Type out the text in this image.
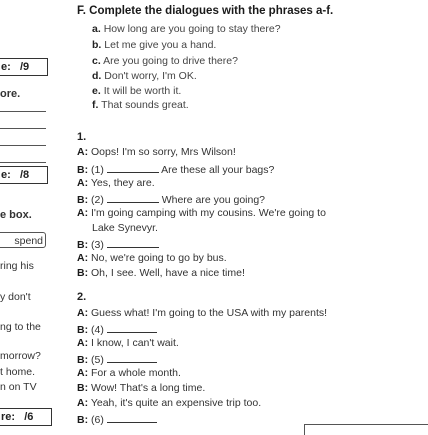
e:   /9
ore.
e:   /8
e box.
spend
ring his
y don't
ng to the
morrow?
t home.
n on TV
re:   /6
F. Complete the dialogues with the phrases a-f.
a. How long are you going to stay there?
b. Let me give you a hand.
c. Are you going to drive there?
d. Don't worry, I'm OK.
e. It will be worth it.
f. That sounds great.
1.
A: Oops! I'm so sorry, Mrs Wilson!
B: (1)	Are these all your bags?
A: Yes, they are.
B: (2)	Where are you going?
A: I'm going camping with my cousins. We're going to
Lake Synevyr.
B: (3)
A: No, we're going to go by bus.
B: Oh, I see. Well, have a nice time!
2.
A: Guess what! I'm going to the USA with my parents!
B: (4)
A: I know, I can't wait.
B: (5)
A: For a whole month.
B: Wow! That's a long time.
A: Yeah, it's quite an expensive trip too.
B: (6)
